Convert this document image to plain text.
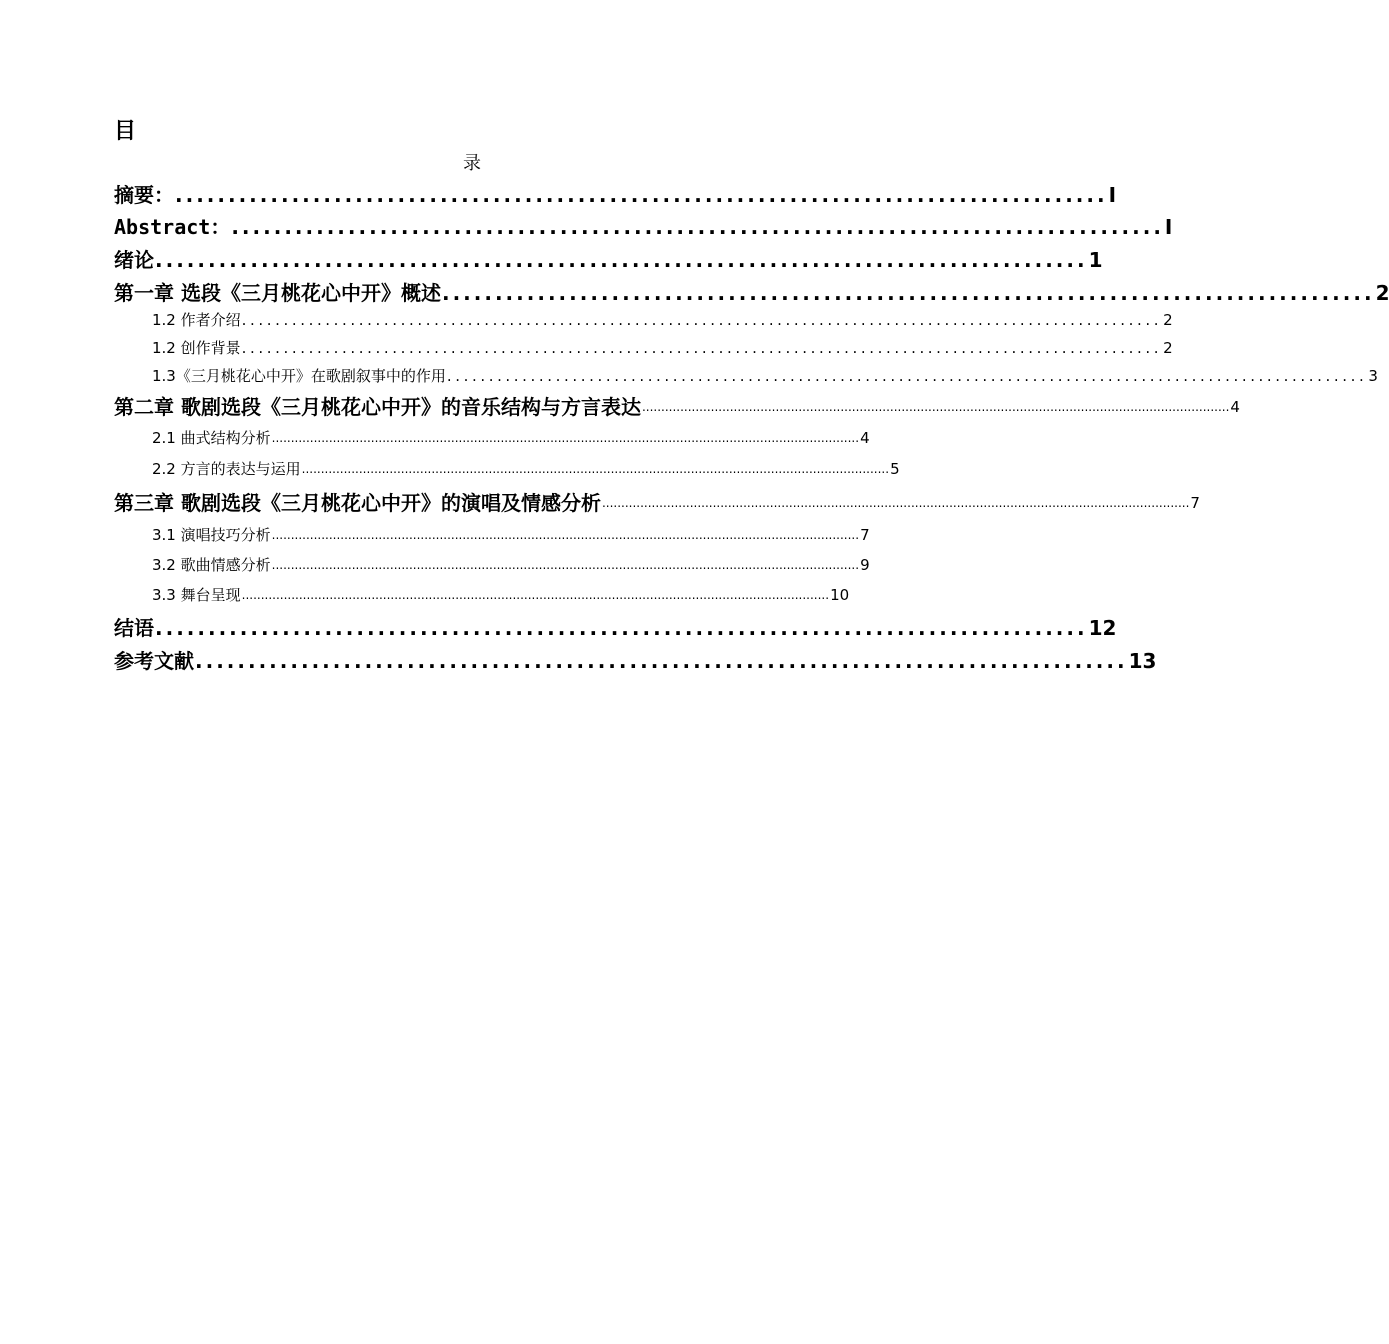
目
录
摘要： ........................................................................................ I
Abstract： ........................................................................................ I
绪论 ........................................................................................ 1
第一章 选段《三月桃花心中开》概述 ........................................................................................ 2
1.2 作者介绍 .............................................................................................................. 2
1.2 创作背景 .............................................................................................................. 2
1.3《三月桃花心中开》在歌剧叙事中的作用 .............................................................................................................. 3
第二章 歌剧选段《三月桃花心中开》的音乐结构与方言表达 .......................................................................................................................................................... 4
2.1 曲式结构分析 .......................................................................................................................................................... 4
2.2 方言的表达与运用 .......................................................................................................................................................... 5
第三章 歌剧选段《三月桃花心中开》的演唱及情感分析 .......................................................................................................................................................... 7
3.1 演唱技巧分析 .......................................................................................................................................................... 7
3.2 歌曲情感分析 .......................................................................................................................................................... 9
3.3 舞台呈现 .......................................................................................................................................................... 10
结语 ........................................................................................ 12
参考文献 ........................................................................................ 13
